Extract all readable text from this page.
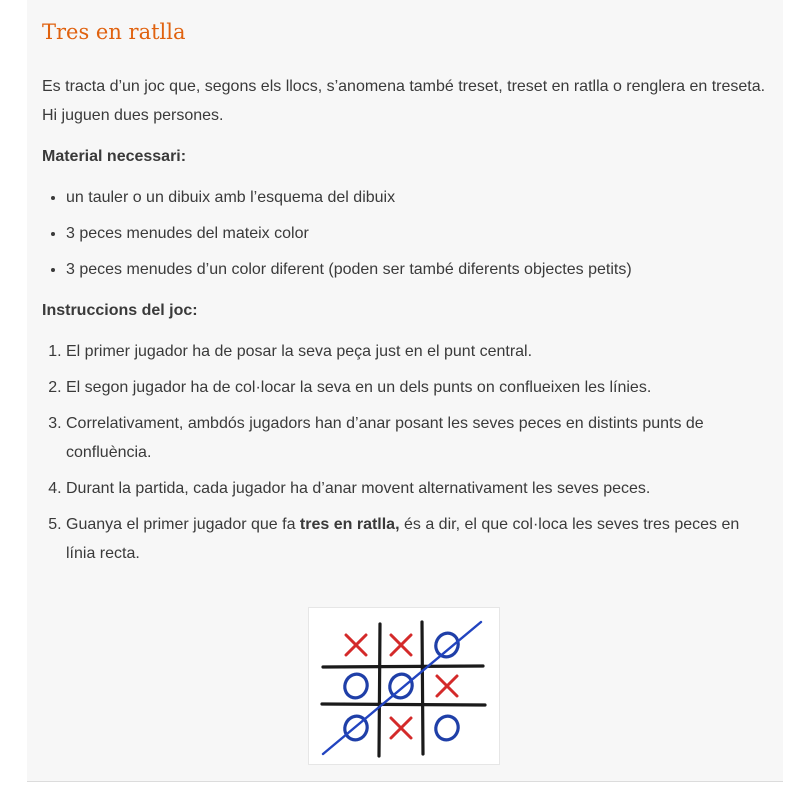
Tres en ratlla

Es tracta d’un joc que, segons els llocs, s’anomena també treset, treset en ratlla o renglera en treseta. Hi juguen dues persones.

Material necessari:

• un tauler o un dibuix amb l’esquema del dibuix
• 3 peces menudes del mateix color
• 3 peces menudes d’un color diferent (poden ser també diferents objectes petits)

Instruccions del joc:

1. El primer jugador ha de posar la seva peça just en el punt central.
2. El segon jugador ha de col·locar la seva en un dels punts on conflueixen les línies.
3. Correlativament, ambdós jugadors han d’anar posant les seves peces en distints punts de confluència.
4. Durant la partida, cada jugador ha d’anar movent alternativament les seves peces.
5. Guanya el primer jugador que fa tres en ratlla, és a dir, el que col·loca les seves tres peces en línia recta.
